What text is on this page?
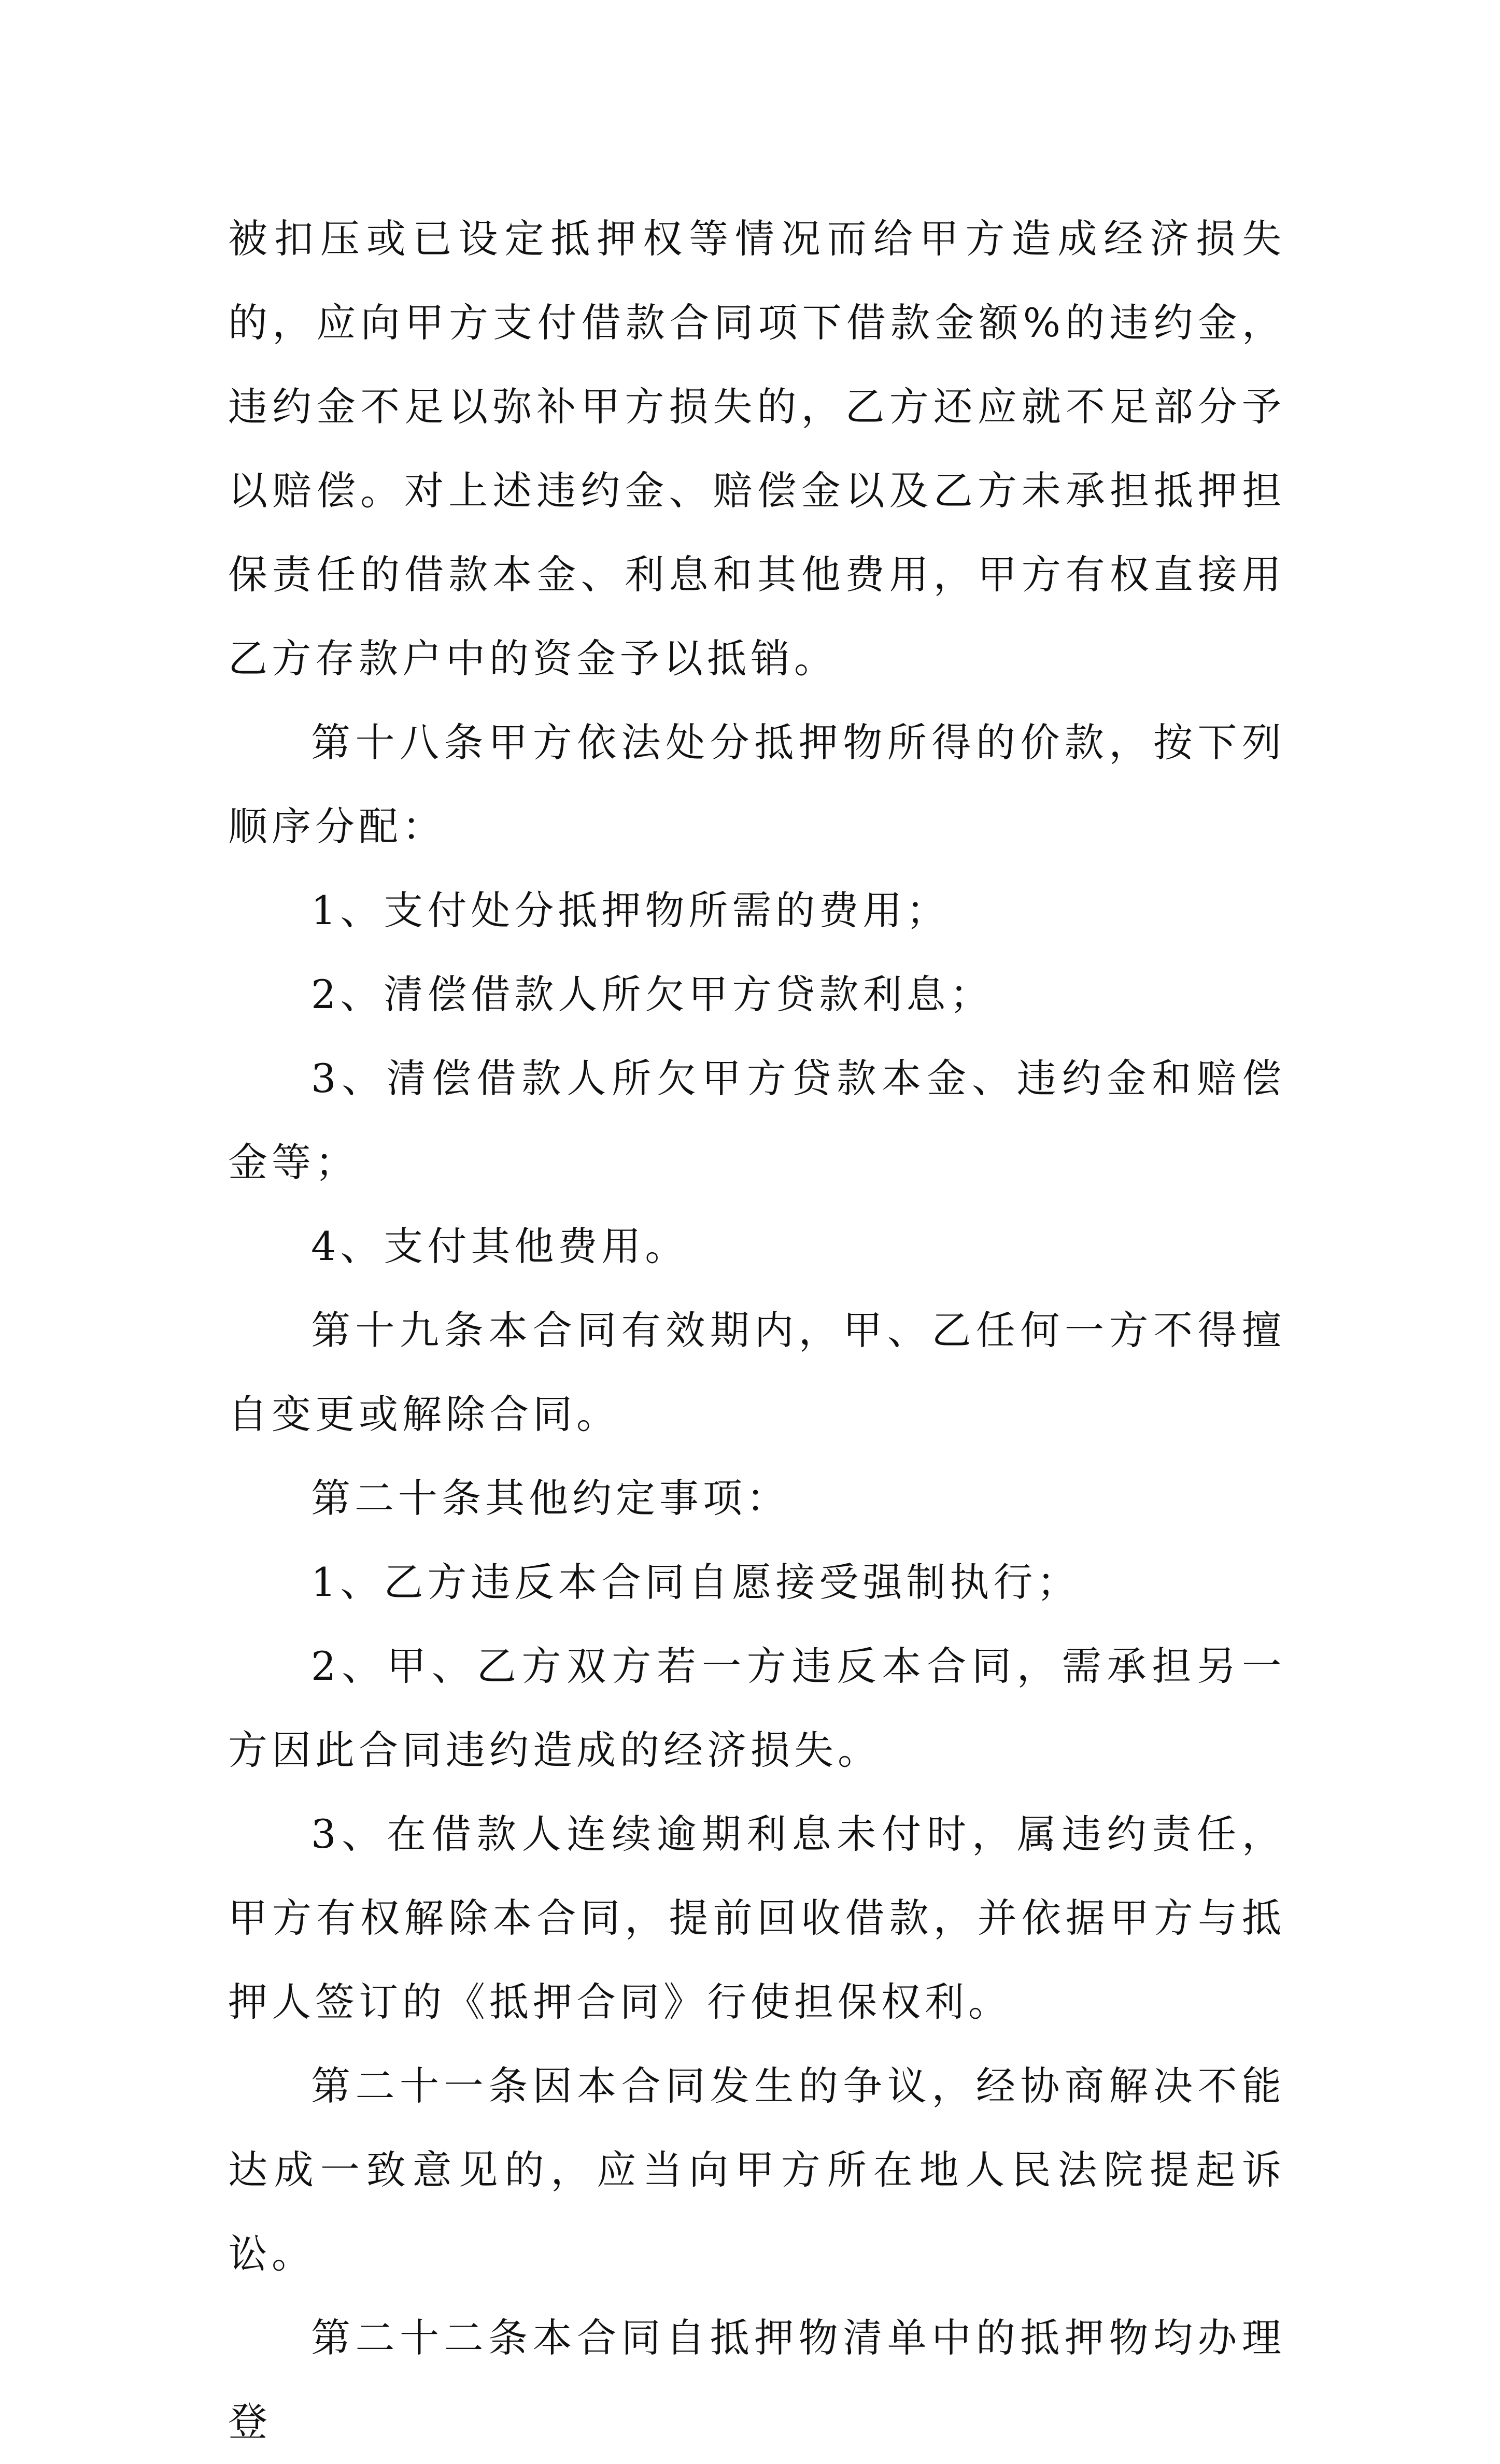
被扣压或已设定抵押权等情况而给甲方造成经济损失的，应向甲方支付借款合同项下借款金额%的违约金，违约金不足以弥补甲方损失的，乙方还应就不足部分予以赔偿。对上述违约金、赔偿金以及乙方未承担抵押担保责任的借款本金、利息和其他费用，甲方有权直接用乙方存款户中的资金予以抵销。

第十八条甲方依法处分抵押物所得的价款，按下列顺序分配：

1、支付处分抵押物所需的费用；

2、清偿借款人所欠甲方贷款利息；

3、清偿借款人所欠甲方贷款本金、违约金和赔偿金等；

4、支付其他费用。

第十九条本合同有效期内，甲、乙任何一方不得擅自变更或解除合同。

第二十条其他约定事项：

1、乙方违反本合同自愿接受强制执行；

2、甲、乙方双方若一方违反本合同，需承担另一方因此合同违约造成的经济损失。

3、在借款人连续逾期利息未付时，属违约责任，甲方有权解除本合同，提前回收借款，并依据甲方与抵押人签订的《抵押合同》行使担保权利。

第二十一条因本合同发生的争议，经协商解决不能达成一致意见的，应当向甲方所在地人民法院提起诉讼。

第二十二条本合同自抵押物清单中的抵押物均办理登
